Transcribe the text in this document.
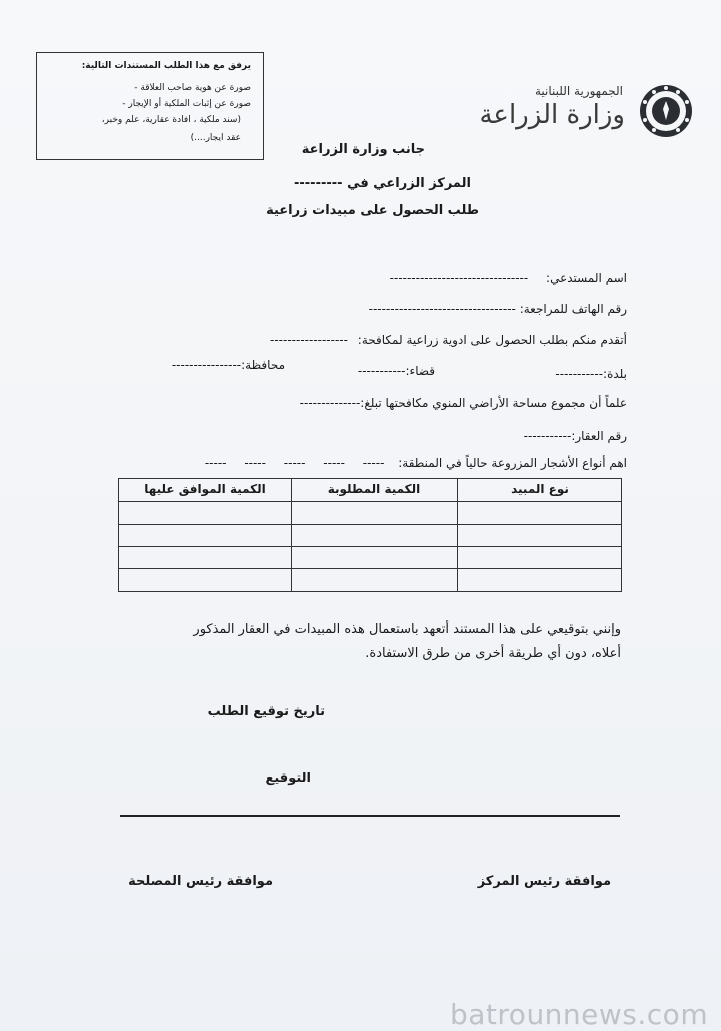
يرفق مع هذا الطلب المستندات التالية:
صورة عن هوية صاحب العلاقة -
صورة عن إثبات الملكية أو الإيجار -
(سند ملكية ، افادة عقارية، علم وخبر،
عقد ايجار....)
الجمهورية اللبنانية
وزارة الزراعة
جانب وزارة الزراعة
المركز الزراعي في ---------
طلب الحصول على مبيدات زراعية
اسم المستدعي: --------------------------------
رقم الهاتف للمراجعة: ----------------------------------
أتقدم منكم بطلب الحصول على ادوية زراعية لمكافحة: ------------------
بلدة:-----------
قضاء:-----------
محافظة:----------------
علماً أن مجموع مساحة الأراضي المنوي مكافحتها تبلغ:--------------
رقم العقار:-----------
اهم أنواع الأشجار المزروعة حالياً في المنطقة: ----- ----- ----- ----- -----
نوع المبيد
الكمية المطلوبة
الكمية الموافق عليها
وإنني بتوقيعي على هذا المستند أتعهد باستعمال هذه المبيدات في العقار المذكور
أعلاه، دون أي طريقة أخرى من طرق الاستفادة.
تاريخ توقيع الطلب
التوقيع
موافقة رئيس المركز
موافقة رئيس المصلحة
batrounnews.com
